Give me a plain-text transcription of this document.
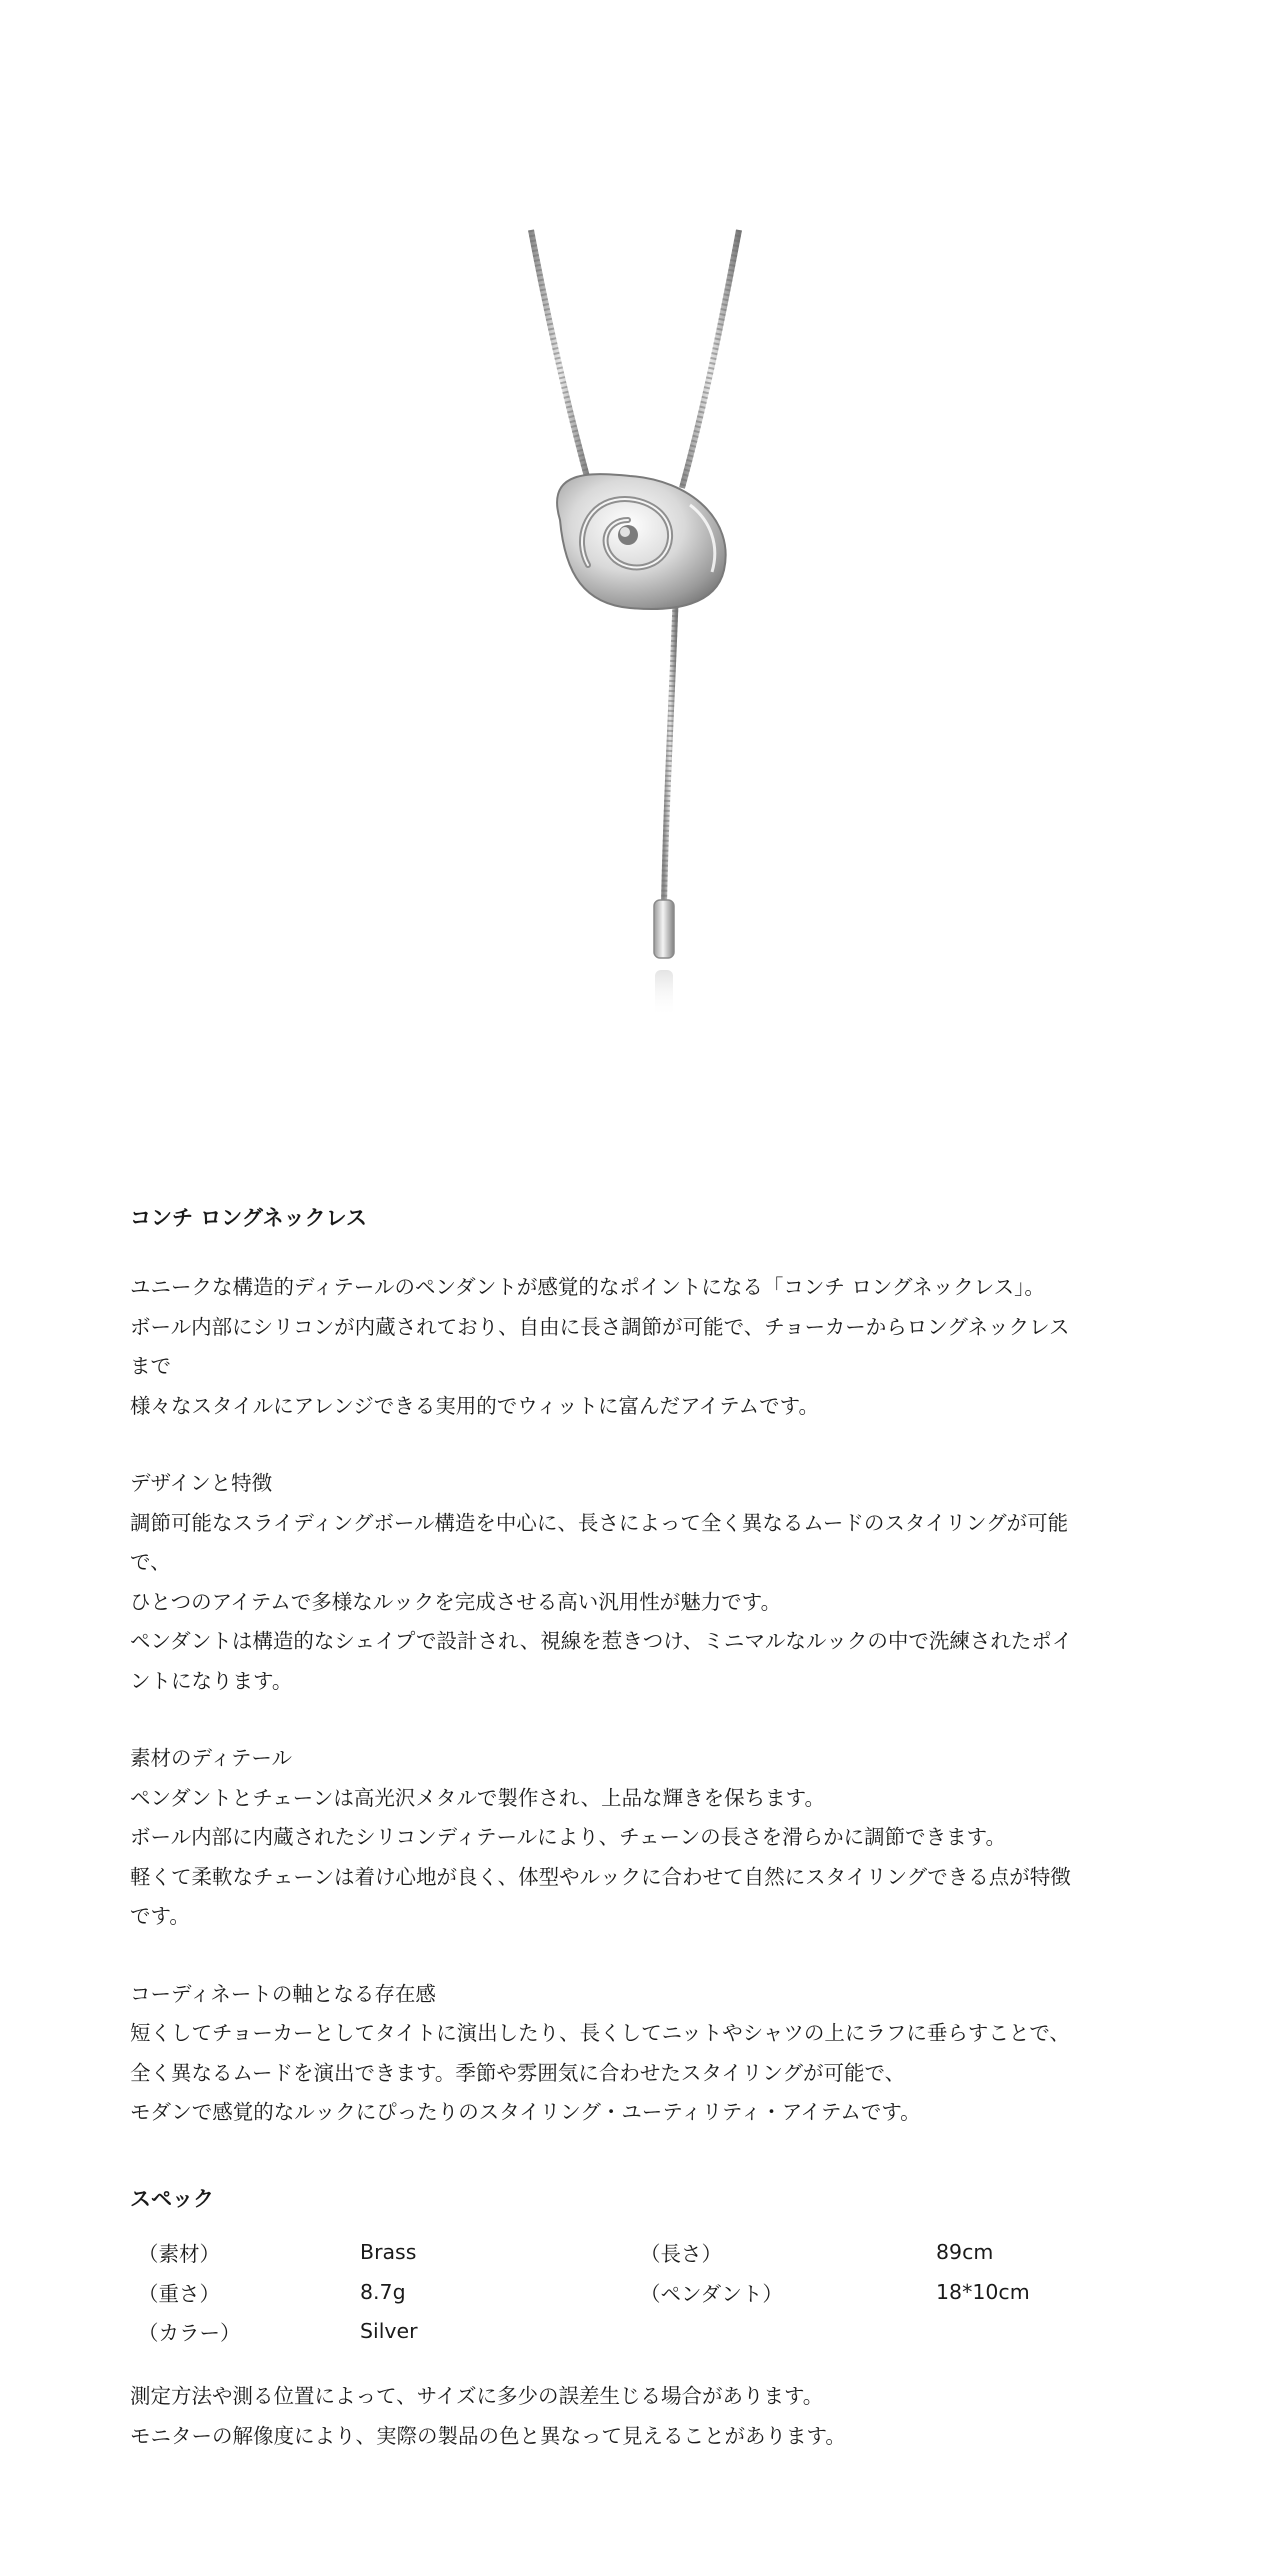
コンチ ロングネックレス

ユニークな構造的ディテールのペンダントが感覚的なポイントになる「コンチ ロングネックレス」。
ボール内部にシリコンが内蔵されており、自由に長さ調節が可能で、チョーカーからロングネックレス
まで
様々なスタイルにアレンジできる実用的でウィットに富んだアイテムです。

デザインと特徴

調節可能なスライディングボール構造を中心に、長さによって全く異なるムードのスタイリングが可能
で、
ひとつのアイテムで多様なルックを完成させる高い汎用性が魅力です。
ペンダントは構造的なシェイプで設計され、視線を惹きつけ、ミニマルなルックの中で洗練されたポイ
ントになります。

素材のディテール

ペンダントとチェーンは高光沢メタルで製作され、上品な輝きを保ちます。
ボール内部に内蔵されたシリコンディテールにより、チェーンの長さを滑らかに調節できます。
軽くて柔軟なチェーンは着け心地が良く、体型やルックに合わせて自然にスタイリングできる点が特徴
です。

コーディネートの軸となる存在感

短くしてチョーカーとしてタイトに演出したり、長くしてニットやシャツの上にラフに垂らすことで、
全く異なるムードを演出できます。季節や雰囲気に合わせたスタイリングが可能で、
モダンで感覚的なルックにぴったりのスタイリング・ユーティリティ・アイテムです。

スペック
（素材）	Brass	（長さ）	89cm
（重さ）	8.7g	（ペンダント）	18*10cm
（カラー）	Silver		

測定方法や測る位置によって、サイズに多少の誤差生じる場合があります。
モニターの解像度により、実際の製品の色と異なって見えることがあります。
